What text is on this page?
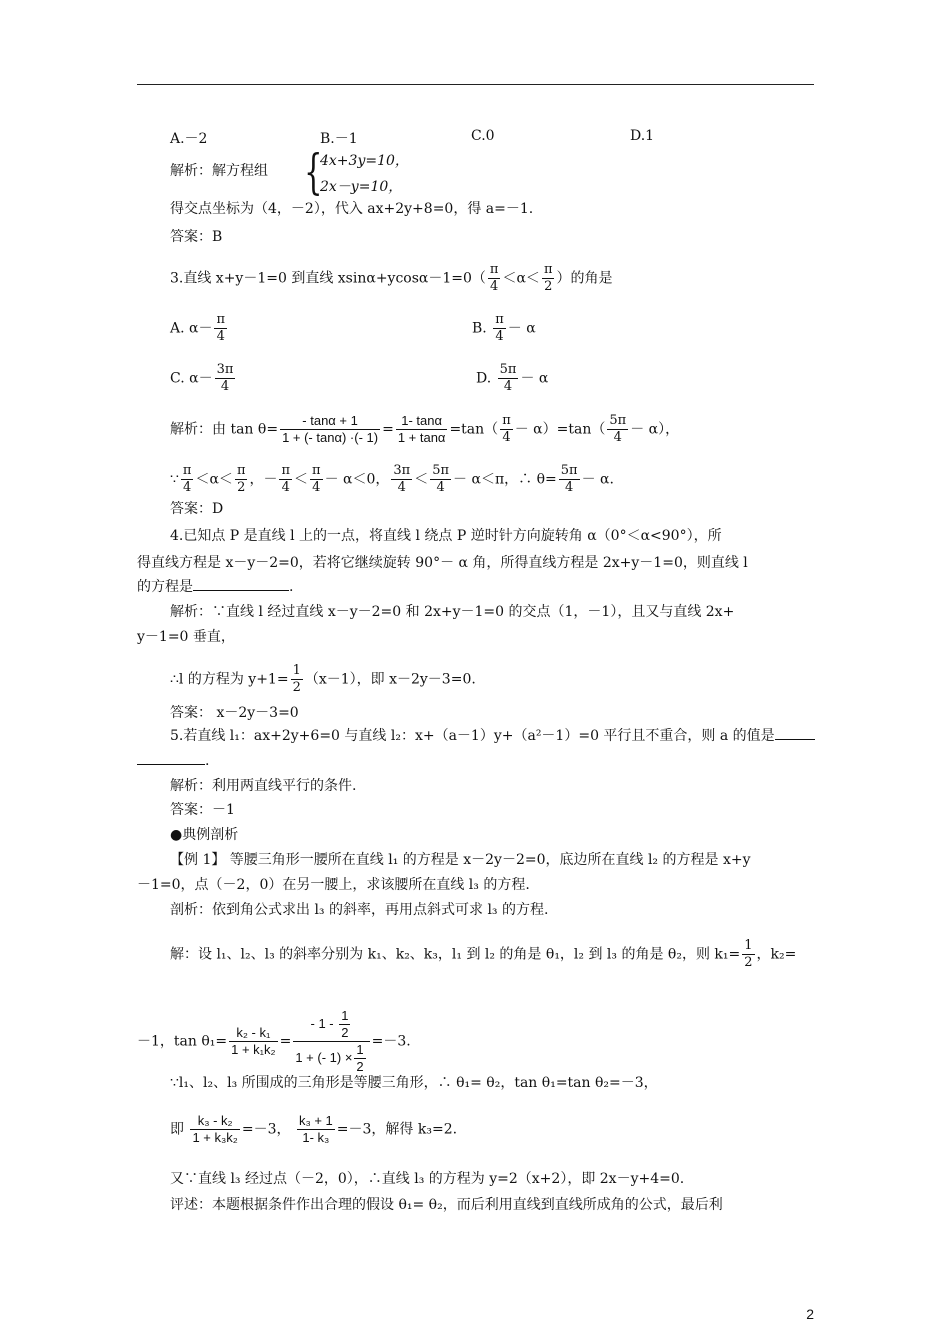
A.－2	B.－1	C.0	D.1
解析：解方程组 {
4x+3y=10，
2x－y=10，
得交点坐标为（4，－2），代入 ax+2y+8=0，得 a=－1.
答案：B
3.直线 x+y－1=0 到直线 $xsin\alpha+ycos\alpha-1=0( \frac{\pi}{4} <\alpha< \frac{\pi}{2}$ ）的角是
A. $\alpha- \frac{\pi}{4}$	B. $\frac{\pi}{4} - \alpha$
C. $\alpha- \frac{3\pi}{4}$	D. $\frac{5\pi}{4} - \alpha$
解析：由 $\tan \theta= \frac{- \tan\alpha + 1}{1 + (- \tan\alpha) \cdot(- 1)} = \frac{1- \tan\alpha}{1 + \tan\alpha} =\tan( \frac{\pi}{4} - \alpha)=\tan( \frac{5\pi}{4} - \alpha)$，
∵ $\frac{\pi}{4} <\alpha< \frac{\pi}{2}$ ，－ $\frac{\pi}{4} < \frac{\pi}{4} - \alpha<0$， $\frac{3\pi}{4} < \frac{5\pi}{4} - \alpha<\pi$，∴ $\theta= \frac{5\pi}{4} - \alpha$.
答案：D
4.已知点 P 是直线 l 上的一点，将直线 l 绕点 P 逆时针方向旋转角 α（0°＜α<90°），所
得直线方程是 x－y－2=0，若将它继续旋转 90°－ α 角，所得直线方程是 2x+y－1=0，则直线 l
的方程是	.
解析：∵直线 l 经过直线 x－y－2=0 和 2x+y－1=0 的交点（1，－1），且又与直线 2x+
y－1=0 垂直，
∴l 的方程为 $y+1= \frac{1}{2} (x-1)$，即 x－2y－3=0.
答案： x－2y－3=0
5.若直线 l₁：ax+2y+6=0 与直线 l₂：x+（a－1）y+（a²－1）=0 平行且不重合，则 a 的值是
.
解析：利用两直线平行的条件.
答案：－1
●典例剖析
【例 1】 等腰三角形一腰所在直线 l₁ 的方程是 x－2y－2=0，底边所在直线 l₂ 的方程是 x+y
－1=0，点（－2，0）在另一腰上，求该腰所在直线 l₃ 的方程.
剖析：依到角公式求出 l₃ 的斜率，再用点斜式可求 l₃ 的方程.
解：设 l₁、l₂、l₃ 的斜率分别为 k₁、k₂、k₃，l₁ 到 l₂ 的角是 θ₁，l₂ 到 l₃ 的角是 θ₂，则 $k_1= \frac{1}{2}$ ，k₂=
－1，$\tan \theta_1= \frac{\text{k₂ - k₁}}{\text{1 + k₁k₂}} = \frac{- 1 - \frac{1}{2}}{1 + (- 1) \times \frac{1}{2}} =-3$.
∵l₁、l₂、l₃ 所围成的三角形是等腰三角形，∴ θ₁= θ₂，tan θ₁=tan θ₂=－3，
即 $\frac{\text{k₃ - k₂}}{\text{1 + k₃k₂}} =-3$， $\frac{\text{k₃ + 1}}{\text{1- k₃}} =-3$，解得 k₃=2.
又∵直线 l₃ 经过点（－2，0），∴直线 l₃ 的方程为 y=2（x+2），即 2x－y+4=0.
评述：本题根据条件作出合理的假设 θ₁= θ₂，而后利用直线到直线所成角的公式，最后利
2
